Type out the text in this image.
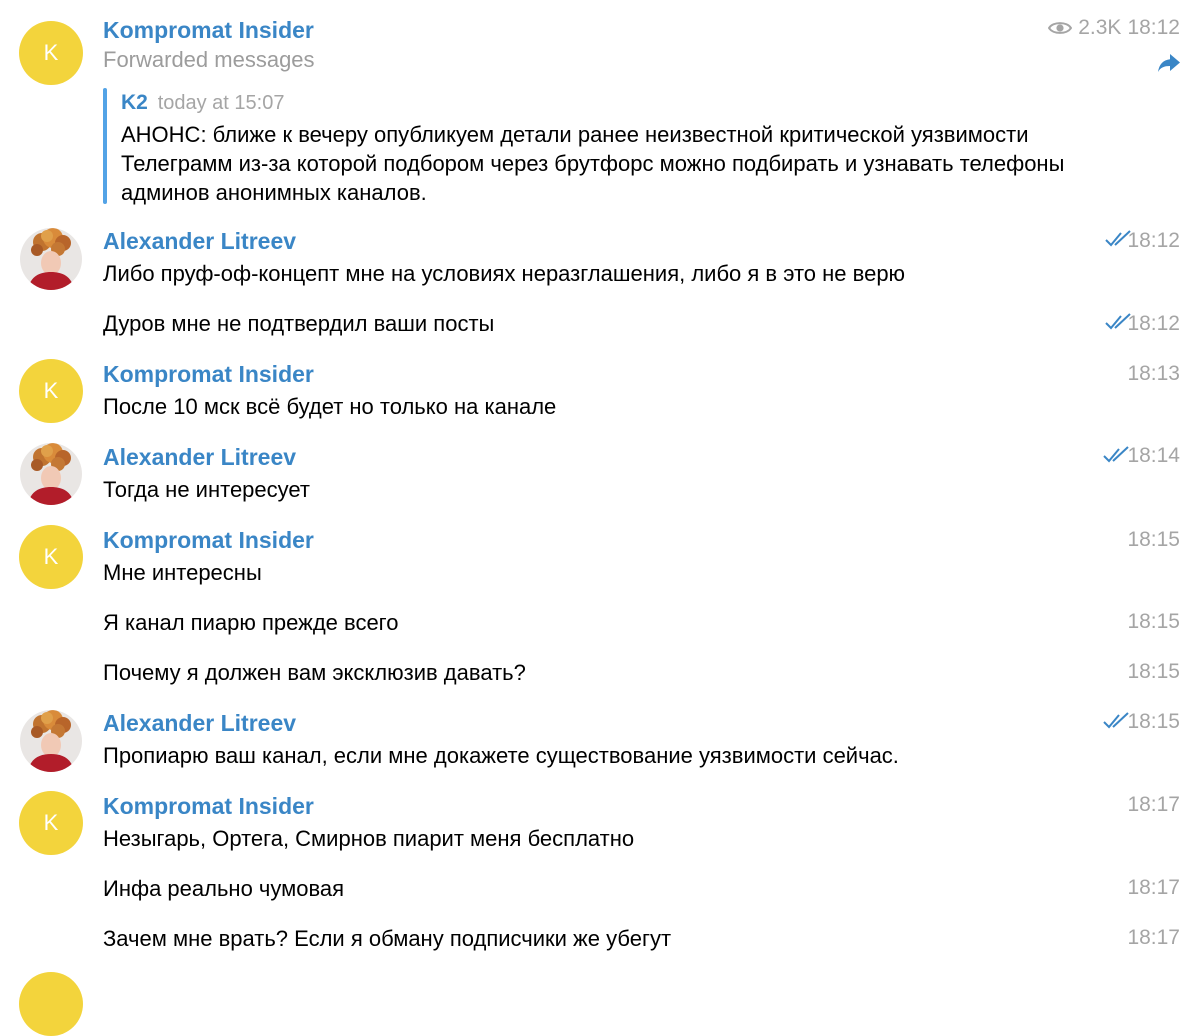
K
Kompromat Insider
Forwarded messages
2.3K 18:12
K2 today at 15:07
АНОНС: ближе к вечеру опубликуем детали ранее неизвестной критической уязвимости Телеграмм из-за которой подбором через брутфорс можно подбирать и узнавать телефоны админов анонимных каналов.
Alexander Litreev
Либо пруф-оф-концепт мне на условиях неразглашения, либо я в это не верю
18:12
Дуров мне не подтвердил ваши посты	18:12
K
Kompromat Insider
После 10 мск всё будет но только на канале
18:13
Alexander Litreev
Тогда не интересует
18:14
K
Kompromat Insider
Мне интересны
18:15
Я канал пиарю прежде всего	18:15
Почему я должен вам эксклюзив давать?	18:15
Alexander Litreev
Пропиарю ваш канал, если мне докажете существование уязвимости сейчас.
18:15
K
Kompromat Insider
Незыгарь, Ортега, Смирнов пиарит меня бесплатно
18:17
Инфа реально чумовая	18:17
Зачем мне врать? Если я обману подписчики же убегут	18:17
